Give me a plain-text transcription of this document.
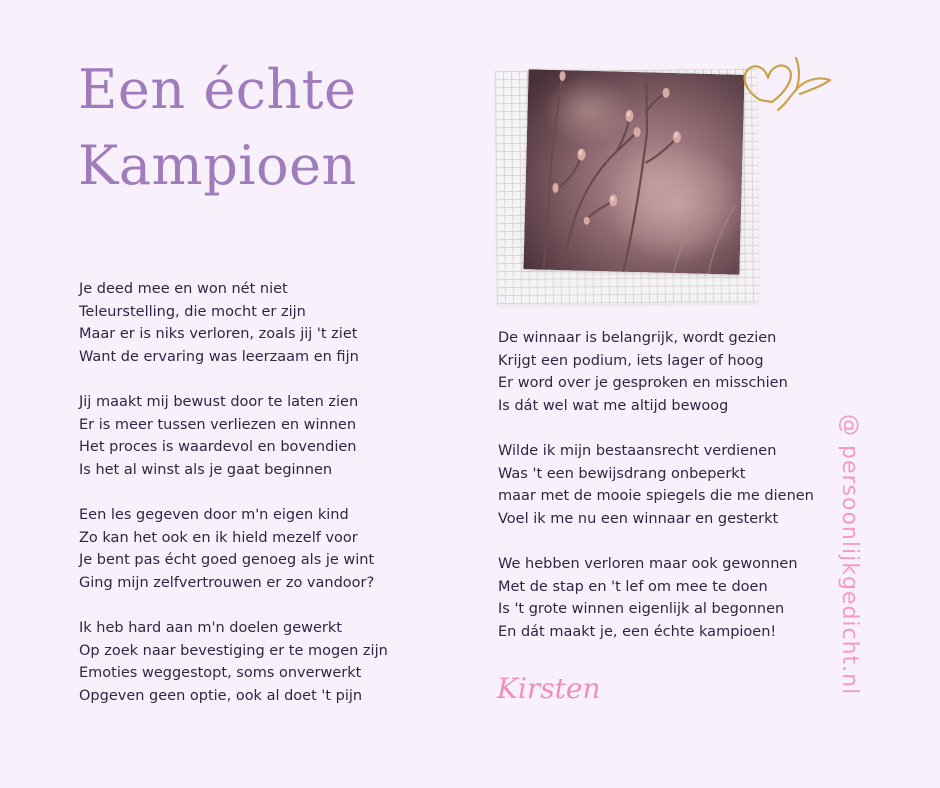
Een échte
Kampioen

Je deed mee en won nét niet
Teleurstelling, die mocht er zijn
Maar er is niks verloren, zoals jij 't ziet
Want de ervaring was leerzaam en fijn

Jij maakt mij bewust door te laten zien
Er is meer tussen verliezen en winnen
Het proces is waardevol en bovendien
Is het al winst als je gaat beginnen

Een les gegeven door m'n eigen kind
Zo kan het ook en ik hield mezelf voor
Je bent pas écht goed genoeg als je wint
Ging mijn zelfvertrouwen er zo vandoor?

Ik heb hard aan m'n doelen gewerkt
Op zoek naar bevestiging er te mogen zijn
Emoties weggestopt, soms onverwerkt
Opgeven geen optie, ook al doet 't pijn

De winnaar is belangrijk, wordt gezien
Krijgt een podium, iets lager of hoog
Er word over je gesproken en misschien
Is dát wel wat me altijd bewoog

Wilde ik mijn bestaansrecht verdienen
Was 't een bewijsdrang onbeperkt
maar met de mooie spiegels die me dienen
Voel ik me nu een winnaar en gesterkt

We hebben verloren maar ook gewonnen
Met de stap en 't lef om mee te doen
Is 't grote winnen eigenlijk al begonnen
En dát maakt je, een échte kampioen!

Kirsten	@ persoonlijkgedicht.nl
